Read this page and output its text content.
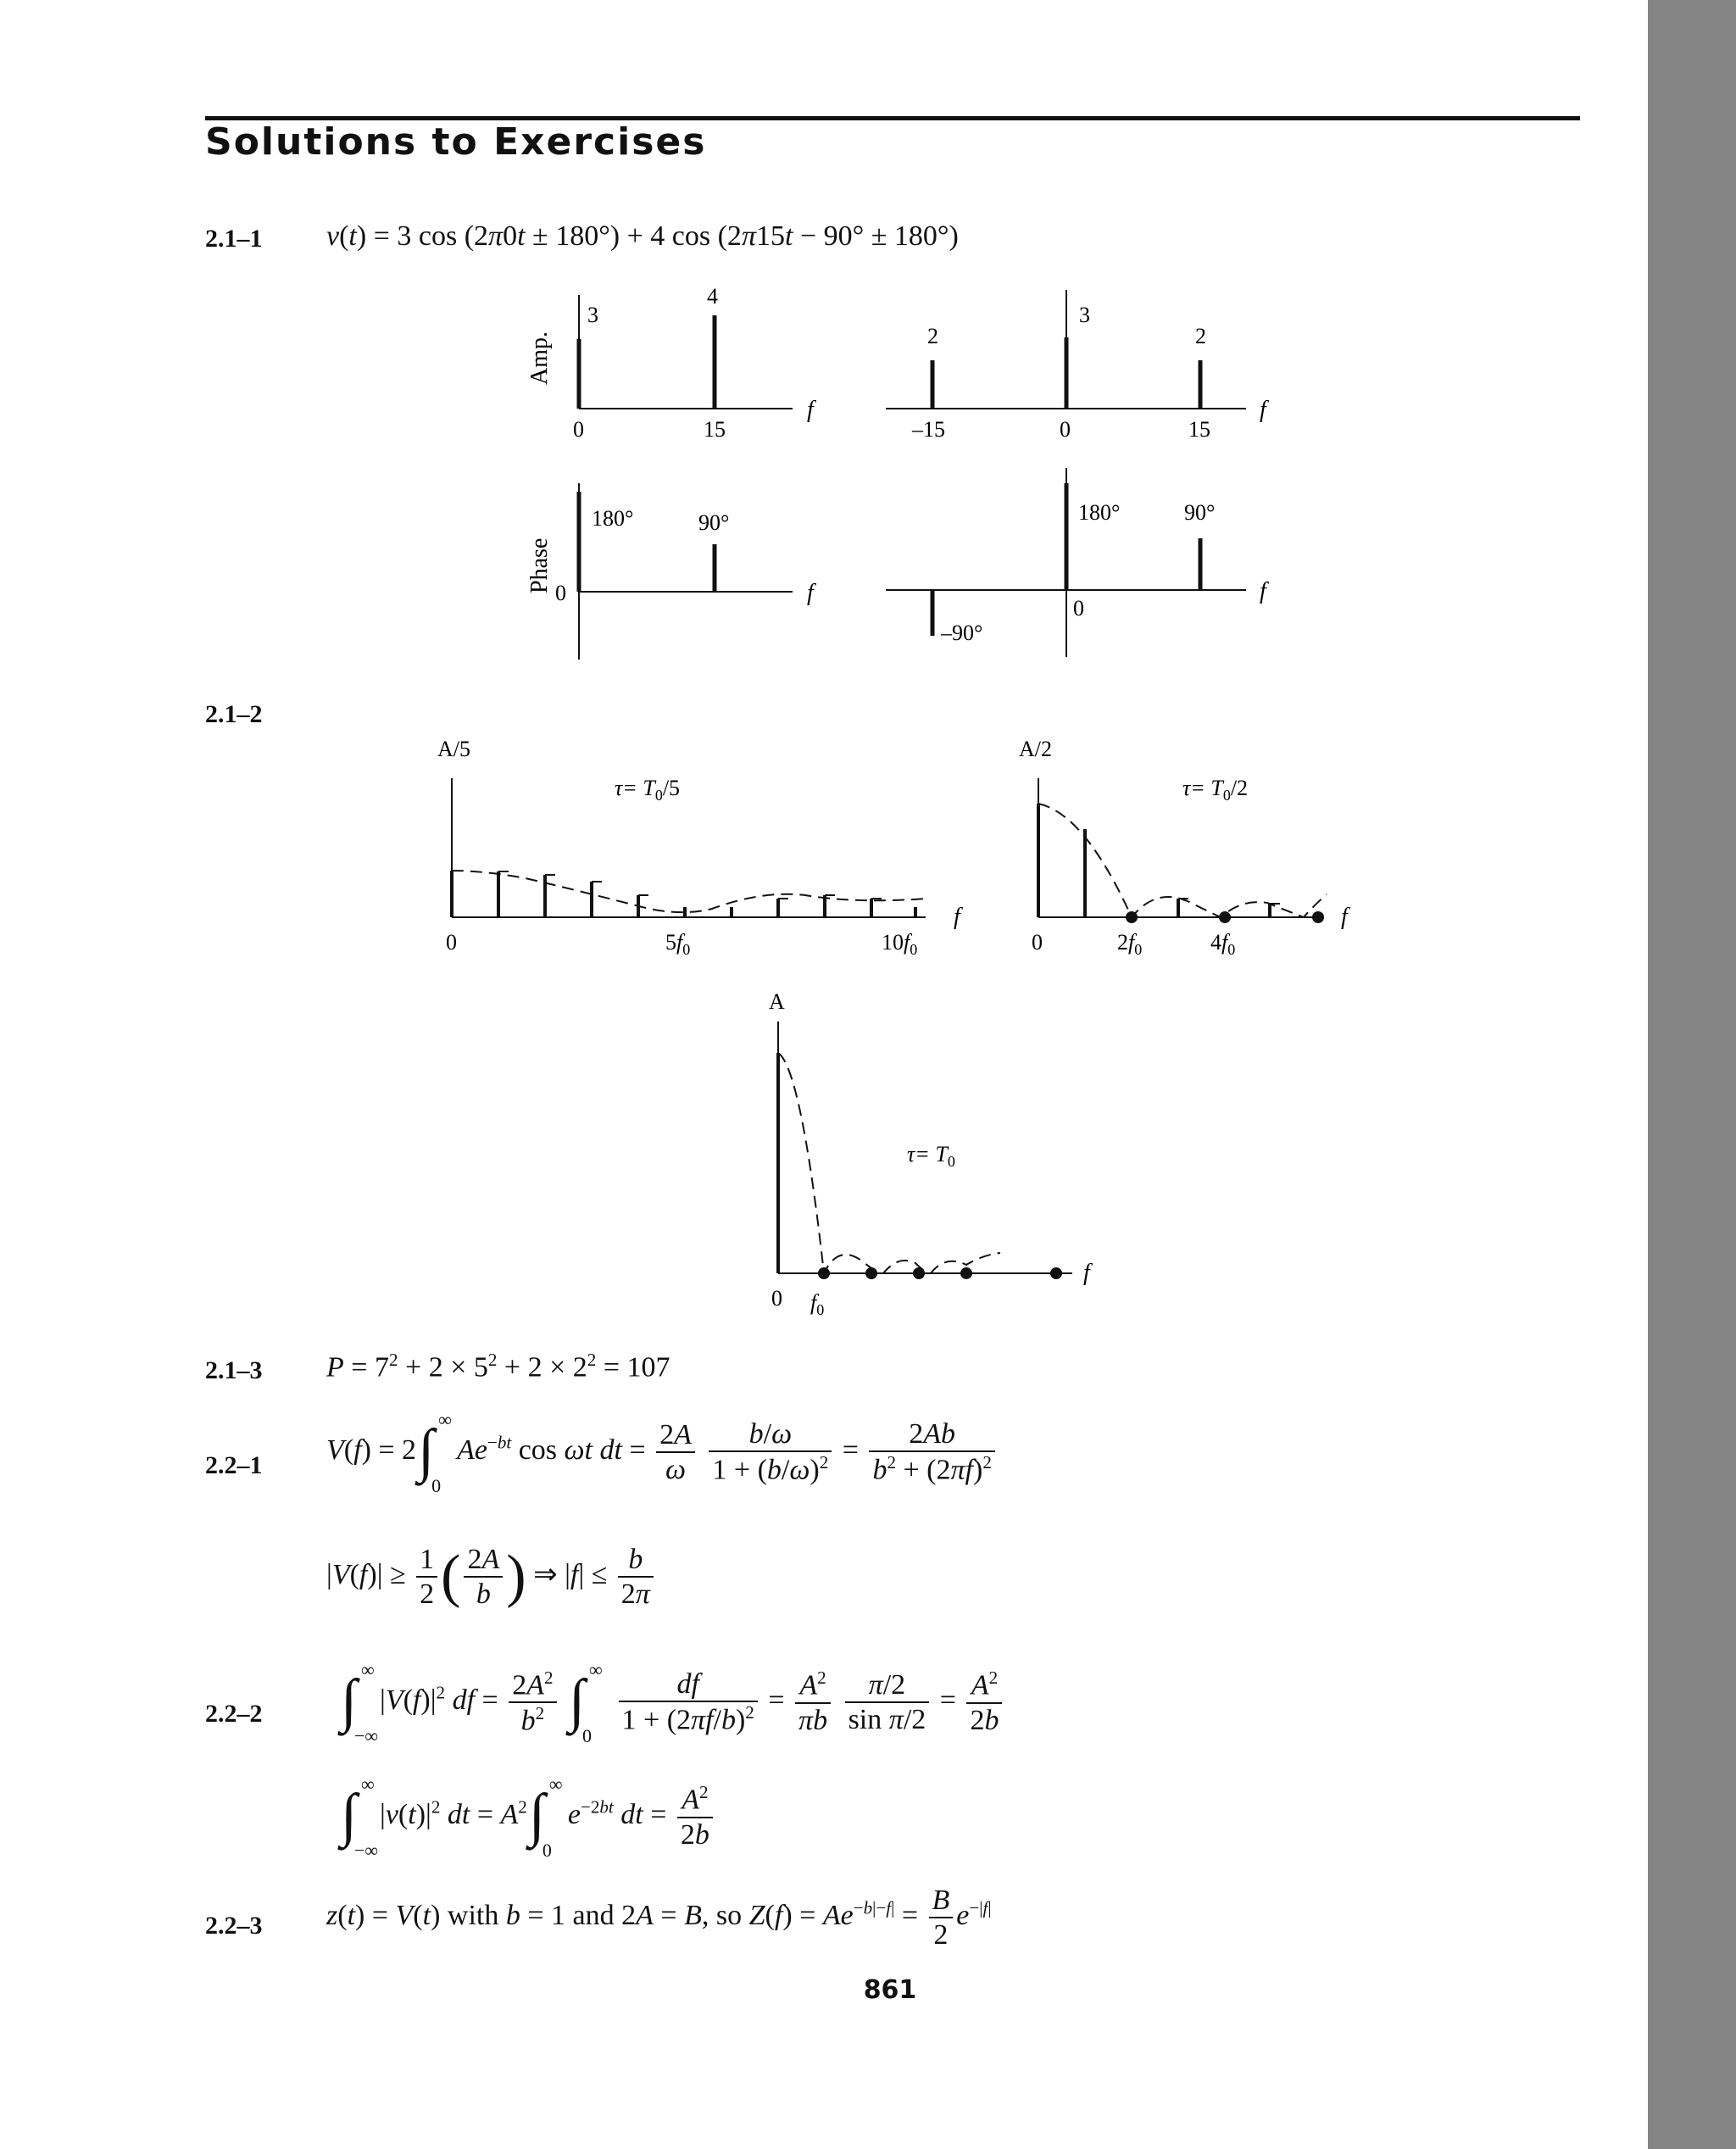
Solutions to Exercises
2.1–1 v(t) = 3 cos (2π0t ± 180°) + 4 cos (2π15t − 90° ± 180°)
Amp.
Phase
3
4
0	15
f
2
3
2
–15	0	15
f
180°	90°
0	f
180°	90°
–90°
0
f
2.1–2
A/5
$\tau= T_0/5$
0	$5f_0$	$10f_0$
f
A/2
$\tau= T_0/2$
0	$2f_0$	$4f_0$
f
A
$\tau= T_0$
0 $f_0$
f
2.1–3 $P = 7^2 + 2 \times 5^2 + 2 \times 2^2 = 107$
2.2–1 V(f) = 2 ∫ ∞
0
$Ae^{-bt}$ cos ωt dt = $\frac{2A}{\omega}$
$\frac{b/\omega}{1 + (b/\omega)^2} = \frac{2Ab}{b^2 + (2\pi f)^2}$
$|V(f)| \ge \frac{1}{2}$ ( $\frac{2A}{b}$ ) ⇒ $|f| \le \frac{b}{2\pi}$
2.2–2 ∫ ∞
−∞
$|V(f)|^2$ df = $\frac{2A^2}{b^2}$
∫ ∞
0
$\frac{df}{1 + (2\pi f/b)^2} = \frac{A^2}{\pi b}$
$\frac{\pi/2}{\text{sin π/2}} = \frac{A^2}{2b}$
∫ ∞
−∞
$|v(t)|^2$ dt = $A^2$ ∫ ∞
0
$e^{-2bt}$ dt = $\frac{A^2}{2b}$
2.2–3 z(t) = V(t) with b = 1 and 2A = B, so $Z(f) = Ae^{-b|-f|} = \frac{B}{2} e^{-|f|}$
861
